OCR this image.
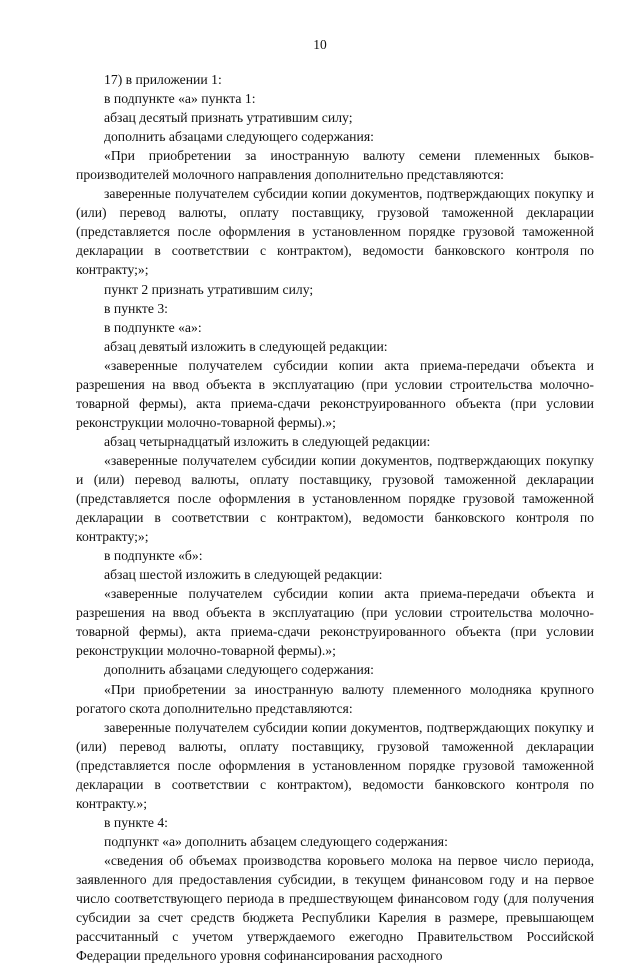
10

17) в приложении 1:

в подпункте «а» пункта 1:

абзац десятый признать утратившим силу;

дополнить абзацами следующего содержания:

«При приобретении за иностранную валюту семени племенных быков-производителей молочного направления дополнительно представляются:

заверенные получателем субсидии копии документов, подтверждающих покупку и (или) перевод валюты, оплату поставщику, грузовой таможенной декларации (представляется после оформления в установленном порядке грузовой таможенной декларации в соответствии с контрактом), ведомости банковского контроля по контракту;»;

пункт 2 признать утратившим силу;

в пункте 3:

в подпункте «а»:

абзац девятый изложить в следующей редакции:

«заверенные получателем субсидии копии акта приема-передачи объекта и разрешения на ввод объекта в эксплуатацию (при условии строительства молочно-товарной фермы), акта приема-сдачи реконструированного объекта (при условии реконструкции молочно-товарной фермы).»;

абзац четырнадцатый изложить в следующей редакции:

«заверенные получателем субсидии копии документов, подтверждающих покупку и (или) перевод валюты, оплату поставщику, грузовой таможенной декларации (представляется после оформления в установленном порядке грузовой таможенной декларации в соответствии с контрактом), ведомости банковского контроля по контракту;»;

в подпункте «б»:

абзац шестой изложить в следующей редакции:

«заверенные получателем субсидии копии акта приема-передачи объекта и разрешения на ввод объекта в эксплуатацию (при условии строительства молочно-товарной фермы), акта приема-сдачи реконструированного объекта (при условии реконструкции молочно-товарной фермы).»;

дополнить абзацами следующего содержания:

«При приобретении за иностранную валюту племенного молодняка крупного рогатого скота дополнительно представляются:

заверенные получателем субсидии копии документов, подтверждающих покупку и (или) перевод валюты, оплату поставщику, грузовой таможенной декларации (представляется после оформления в установленном порядке грузовой таможенной декларации в соответствии с контрактом), ведомости банковского контроля по контракту.»;

в пункте 4:

подпункт «а» дополнить абзацем следующего содержания:

«сведения об объемах производства коровьего молока на первое число периода, заявленного для предоставления субсидии, в текущем финансовом году и на первое число соответствующего периода в предшествующем финансовом году (для получения субсидии за счет средств бюджета Республики Карелия в размере, превышающем рассчитанный с учетом утверждаемого ежегодно Правительством Российской Федерации предельного уровня софинансирования расходного
